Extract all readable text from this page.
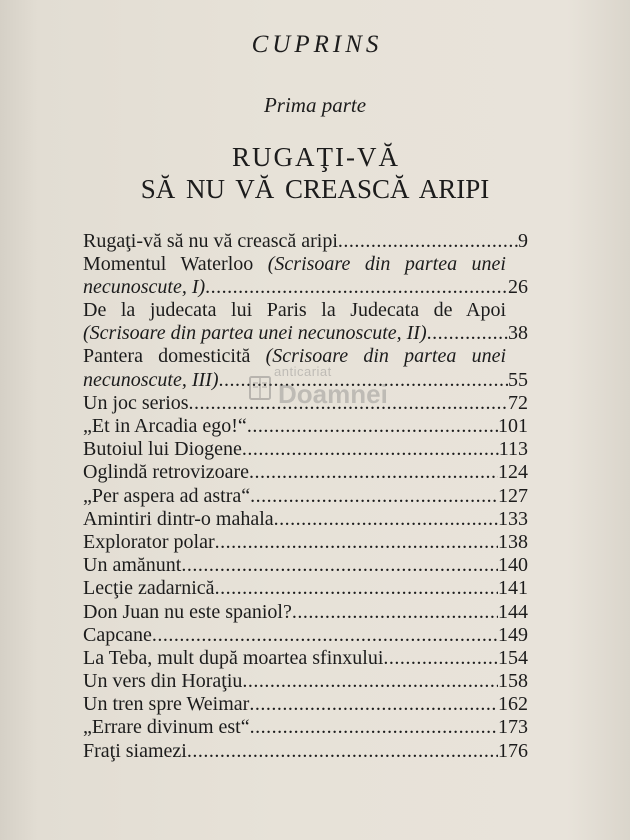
CUPRINS
Prima parte
RUGAŢI-VĂ
SĂ NU VĂ CREASCĂ ARIPI
Rugaţi-vă să nu vă crească aripi .....	9
Momentul Waterloo (Scrisoare din partea unei
necunoscute, I) .....	26
De la judecata lui Paris la Judecata de Apoi
(Scrisoare din partea unei necunoscute, II) .....	38
Pantera domesticită (Scrisoare din partea unei
necunoscute, III) .....	55
Un joc serios .....	72
„Et in Arcadia ego!“ .....	101
Butoiul lui Diogene .....	113
Oglindă retrovizoare .....	124
„Per aspera ad astra“ .....	127
Amintiri dintr-o mahala .....	133
Explorator polar .....	138
Un amănunt .....	140
Lecţie zadarnică .....	141
Don Juan nu este spaniol? .....	144
Capcane .....	149
La Teba, mult după moartea sfinxului .....	154
Un vers din Horaţiu .....	158
Un tren spre Weimar .....	162
„Errare divinum est“ .....	173
Fraţi siamezi .....	176
anticariat
Doamnei
